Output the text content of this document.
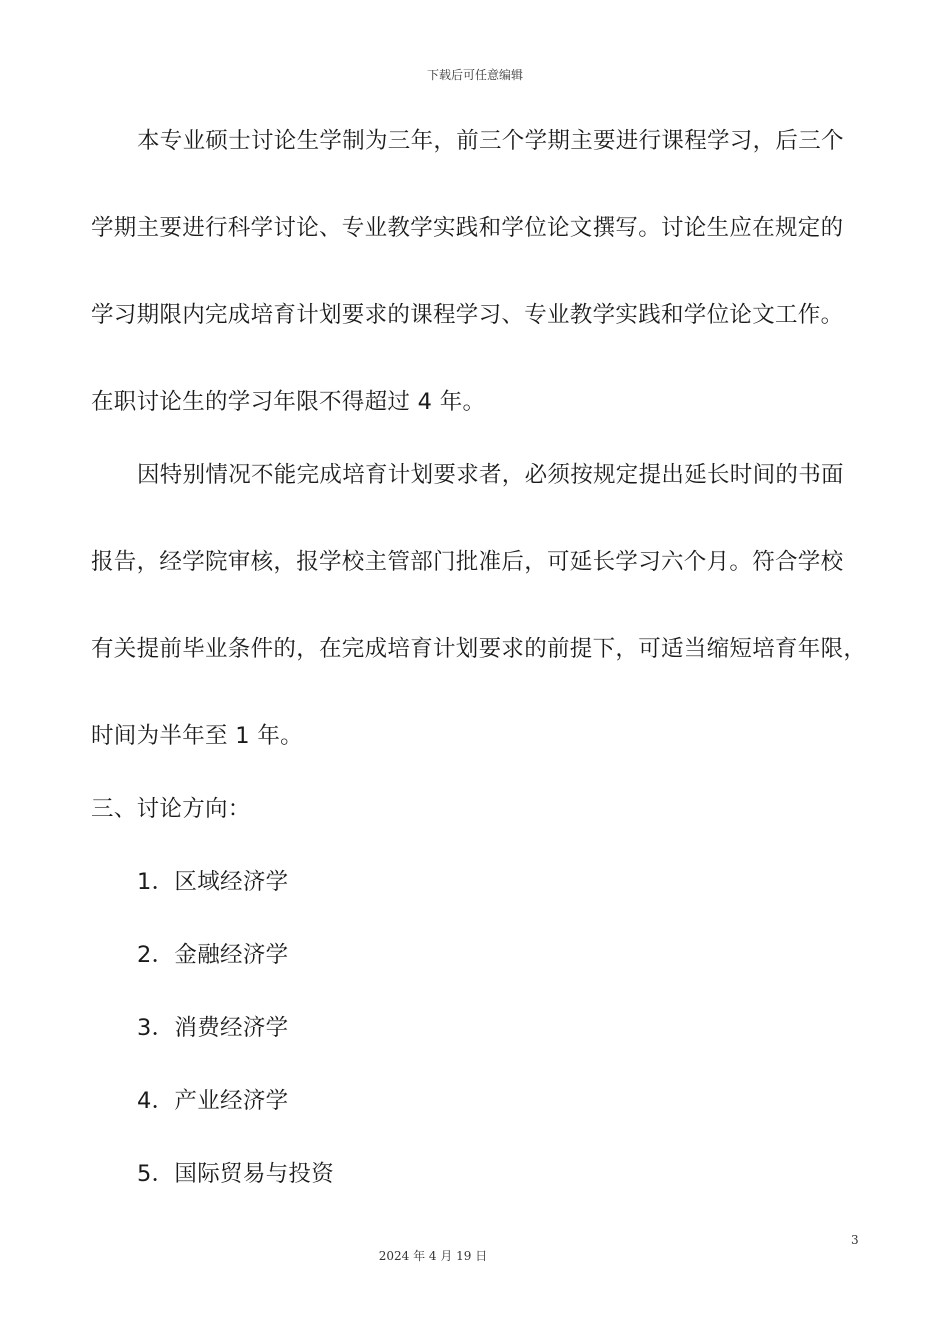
下载后可任意编辑
本专业硕士讨论生学制为三年，前三个学期主要进行课程学习，后三个
学期主要进行科学讨论、专业教学实践和学位论文撰写。讨论生应在规定的
学习期限内完成培育计划要求的课程学习、专业教学实践和学位论文工作。
在职讨论生的学习年限不得超过 4 年。
因特别情况不能完成培育计划要求者，必须按规定提出延长时间的书面
报告，经学院审核，报学校主管部门批准后，可延长学习六个月。符合学校
有关提前毕业条件的，在完成培育计划要求的前提下，可适当缩短培育年限，
时间为半年至 1 年。
三、讨论方向：
1．区域经济学
2．金融经济学
3．消费经济学
4．产业经济学
5．国际贸易与投资
3
2024 年 4 月 19 日
